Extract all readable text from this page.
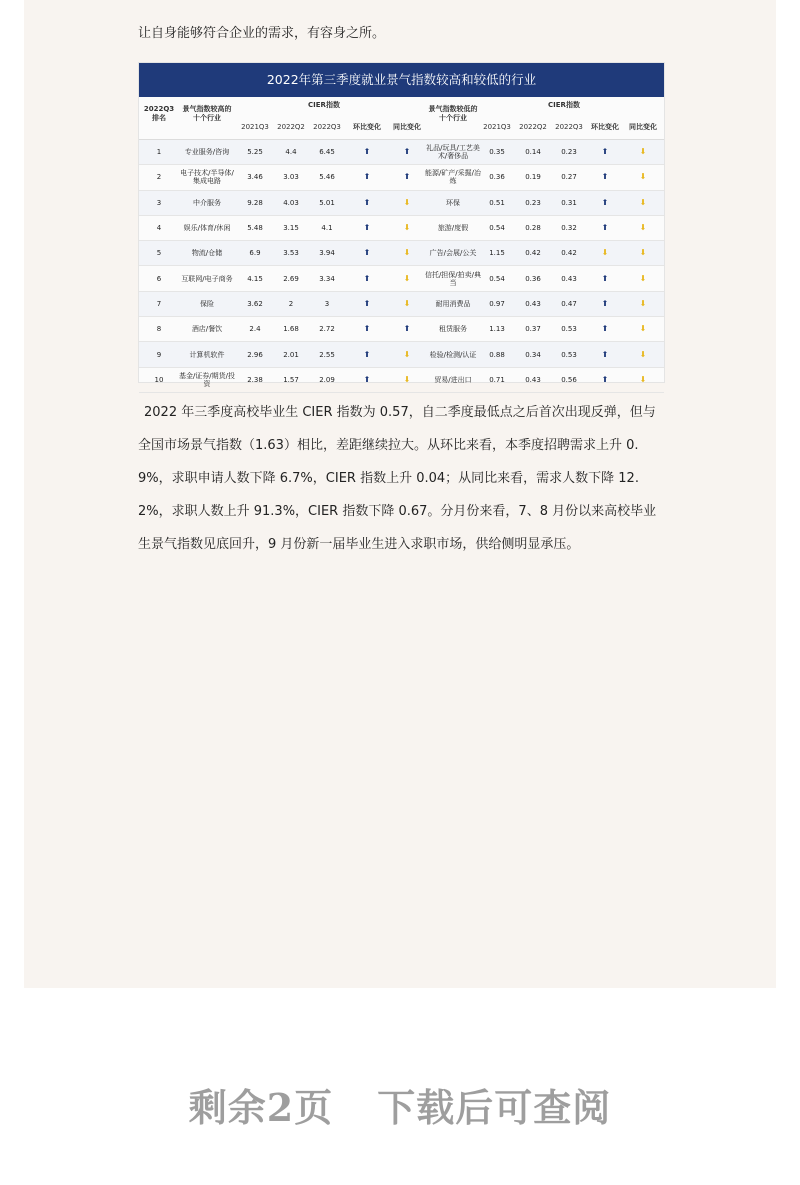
让自身能够符合企业的需求，有容身之所。
2022年第三季度就业景气指数较高和较低的行业
2022Q3
排名
景气指数较高的
十个行业
CIER指数
2021Q3	2022Q2	2022Q3	环比变化	同比变化
景气指数较低的
十个行业
CIER指数
2021Q3	2022Q2	2022Q3	环比变化	同比变化
1	专业服务/咨询	5.25	4.4	6.45	⬆	⬆	礼品/玩具/工艺美术/奢侈品	0.35	0.14	0.23	⬆	⬇
2	电子技术/半导体/集成电路	3.46	3.03	5.46	⬆	⬆ 能源/矿产/采掘/冶炼	0.36	0.19	0.27	⬆	⬇
3	中介服务	9.28	4.03	5.01	⬆	⬇	环保	0.51	0.23	0.31	⬆	⬇
4	娱乐/体育/休闲	5.48	3.15	4.1	⬆	⬇	旅游/度假	0.54	0.28	0.32	⬆	⬇
5	物流/仓储	6.9	3.53	3.94	⬆	⬇	广告/会展/公关	1.15	0.42	0.42	⬇	⬇
6	互联网/电子商务	4.15	2.69	3.34	⬆	⬇ 信托/担保/拍卖/典当	0.54	0.36	0.43	⬆	⬇
7	保险	3.62	2	3	⬆	⬇	耐用消费品	0.97	0.43	0.47	⬆	⬇
8	酒店/餐饮	2.4	1.68	2.72	⬆	⬆	租赁服务	1.13	0.37	0.53	⬆	⬇
9	计算机软件	2.96	2.01	2.55	⬆	⬇	检验/检测/认证	0.88	0.34	0.53	⬆	⬇
10	基金/证券/期货/投资	2.38	1.57	2.09	⬆	⬇	贸易/进出口	0.71	0.43	0.56	⬆	⬇
2022 年三季度高校毕业生 CIER 指数为 0.57，自二季度最低点之后首次出现反弹，但与全国市场景气指数（1.63）相比，差距继续拉大。从环比来看，本季度招聘需求上升 0.9%，求职申请人数下降 6.7%，CIER 指数上升 0.04；从同比来看，需求人数下降 12.2%，求职人数上升 91.3%，CIER 指数下降 0.67。分月份来看，7、8 月份以来高校毕业生景气指数见底回升，9 月份新一届毕业生进入求职市场，供给侧明显承压。
剩余2页 下载后可查阅
